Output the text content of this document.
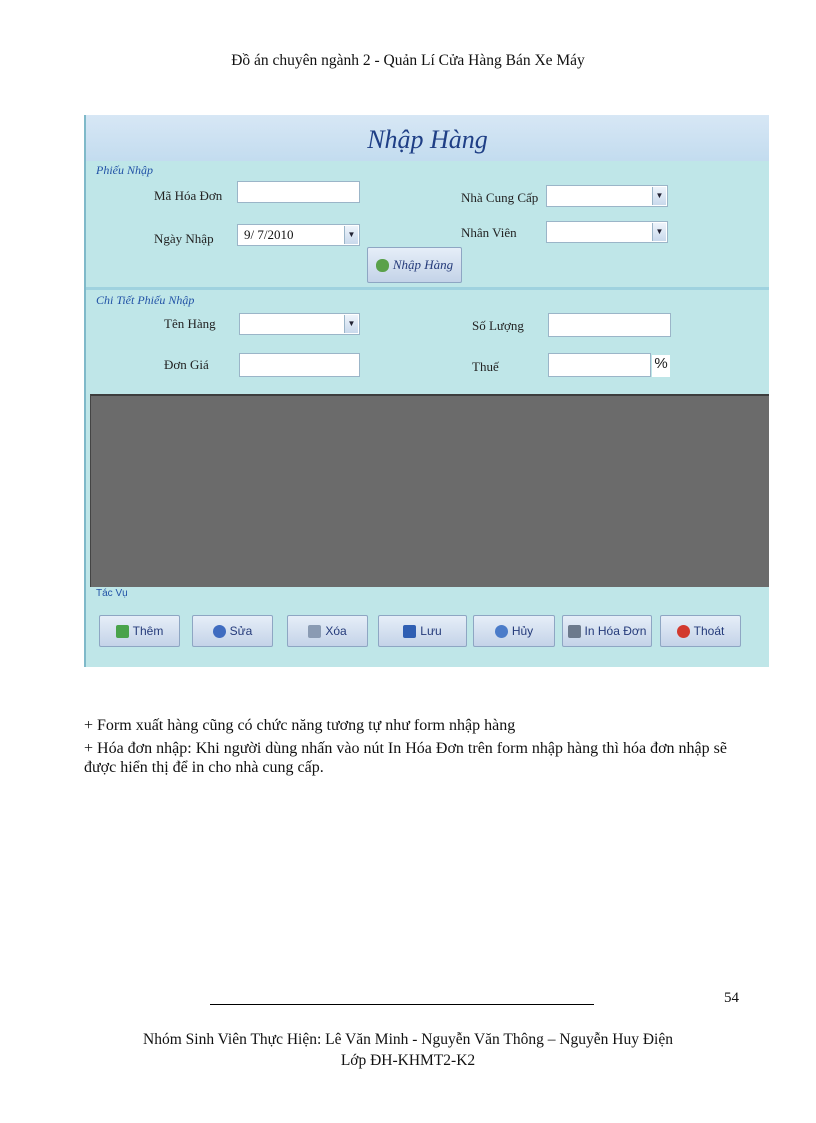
Đồ án chuyên ngành 2 - Quản Lí Cửa Hàng Bán Xe Máy
Nhập Hàng
Phiếu Nhập
Mã Hóa Đơn
Ngày Nhập	9/ 7/2010	▼
Nhà Cung Cấp	▼
Nhân Viên	▼
Nhập Hàng
Chi Tiết Phiếu Nhập
Tên Hàng	▼
Đơn Giá
Số Lượng
Thuế	%
Tác Vụ
Thêm	Sửa	Xóa	Lưu	Hủy	In Hóa Đơn	Thoát
+ Form xuất hàng cũng có chức năng tương tự như form nhập hàng
+ Hóa đơn nhập: Khi người dùng nhấn vào nút In Hóa Đơn trên form nhập hàng thì hóa đơn nhập sẽ được hiển thị để in cho nhà cung cấp.
54
Nhóm Sinh Viên Thực Hiện: Lê Văn Minh - Nguyễn Văn Thông – Nguyễn Huy Điện
Lớp ĐH-KHMT2-K2
